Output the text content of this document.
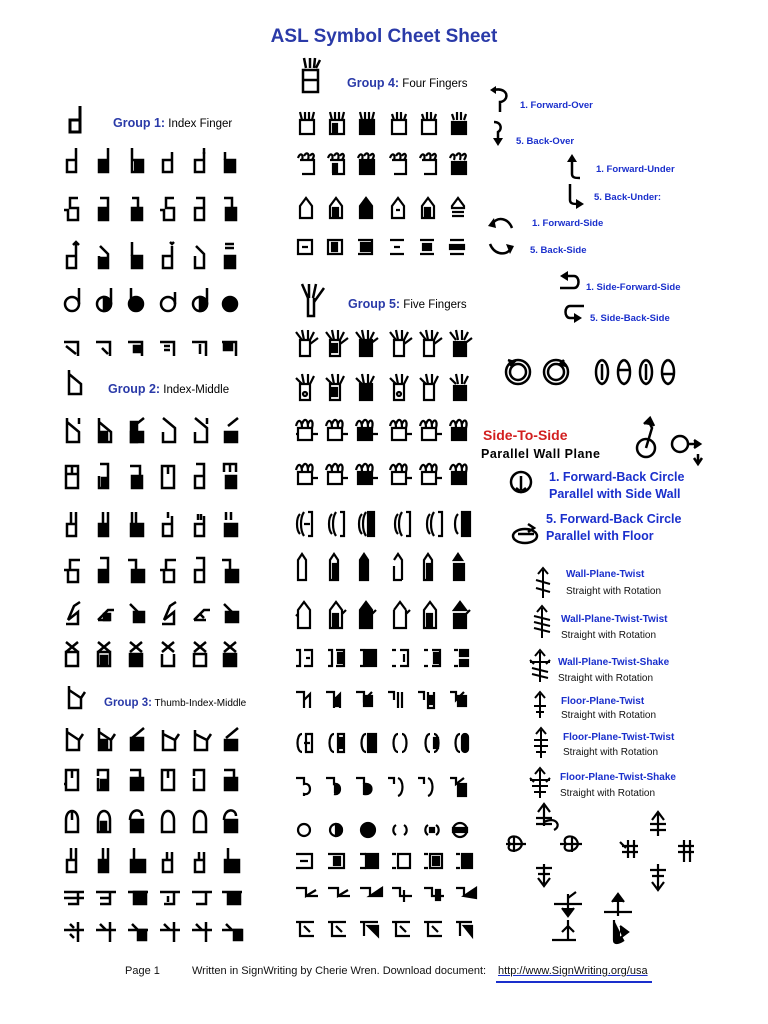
ASL Symbol Cheet Sheet
Group 1: Index Finger
Group 2: Index-Middle
Group 3: Thumb-Index-Middle
Group 4: Four Fingers
Group 5: Five Fingers
1. Forward-Over
5. Back-Over
1. Forward-Under
5. Back-Under:
1. Forward-Side
5. Back-Side
1. Side-Forward-Side
5. Side-Back-Side
Side-To-Side
Parallel Wall Plane
1. Forward-Back Circle
Parallel with Side Wall
5. Forward-Back Circle
Parallel with Floor
Wall-Plane-Twist
Straight with Rotation
Wall-Plane-Twist-Twist
Straight with Rotation
Wall-Plane-Twist-Shake
Straight with Rotation
Floor-Plane-Twist
Straight with Rotation
Floor-Plane-Twist-Twist
Straight with Rotation
Floor-Plane-Twist-Shake
Straight with Rotation
Page 1	Written in SignWriting by Cherie Wren. Download document: http://www.SignWriting.org/usa
